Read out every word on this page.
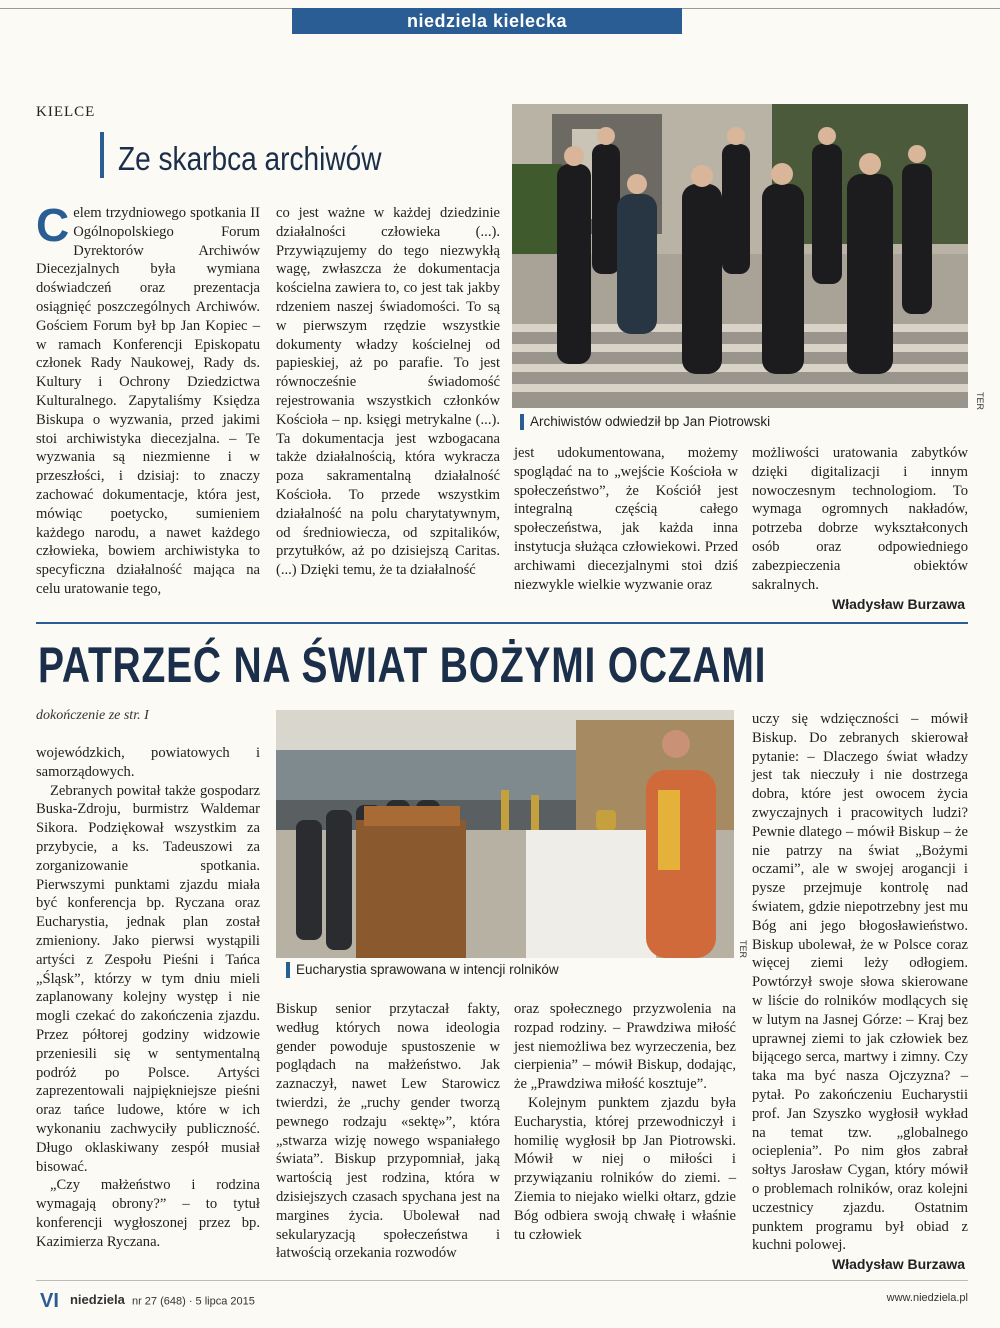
niedziela kielecka
KIELCE
Ze skarbca archiwów
C elem trzydniowego spotkania II Ogólnopolskiego Forum Dyrektorów Archiwów Diecezjalnych była wymiana doświadczeń oraz prezentacja osiągnięć poszczególnych Archiwów. Gościem Forum był bp Jan Kopiec – w ramach Konferencji Episkopatu członek Rady Naukowej, Rady ds. Kultury i Ochrony Dziedzictwa Kulturalnego. Zapytaliśmy Księdza Biskupa o wyzwania, przed jakimi stoi archiwistyka diecezjalna. – Te wyzwania są niezmienne i w przeszłości, i dzisiaj: to znaczy zachować dokumentacje, która jest, mówiąc poetycko, sumieniem każdego narodu, a nawet każdego człowieka, bowiem archiwistyka to specyficzna działalność mająca na celu uratowanie tego,

co jest ważne w każdej dziedzinie działalności człowieka (...). Przywiązujemy do tego niezwykłą wagę, zwłaszcza że dokumentacja kościelna zawiera to, co jest tak jakby rdzeniem naszej świadomości. To są w pierwszym rzędzie wszystkie dokumenty władzy kościelnej od papieskiej, aż po parafie. To jest równocześnie świadomość rejestrowania wszystkich członków Kościoła – np. księgi metrykalne (...). Ta dokumentacja jest wzbogacana także działalnością, która wykracza poza sakramentalną działalność Kościoła. To przede wszystkim działalność na polu charytatywnym, od średniowiecza, od szpitalików, przytułków, aż po dzisiejszą Caritas. (...) Dzięki temu, że ta działalność

Archiwistów odwiedził bp Jan Piotrowski
TER

jest udokumentowana, możemy spoglądać na to „wejście Kościoła w społeczeństwo”, że Kościół jest integralną częścią całego społeczeństwa, jak każda inna instytucja służąca człowiekowi. Przed archiwami diecezjalnymi stoi dziś niezwykle wielkie wyzwanie oraz

możliwości uratowania zabytków dzięki digitalizacji i innym nowoczesnym technologiom. To wymaga ogromnych nakładów, potrzeba dobrze wykształconych osób oraz odpowiedniego zabezpieczenia obiektów sakralnych.

Władysław Burzawa
PATRZEĆ NA ŚWIAT BOŻYMI OCZAMI
dokończenie ze str. I

wojewódzkich, powiatowych i samorządowych.

Zebranych powitał także gospodarz Buska-Zdroju, burmistrz Waldemar Sikora. Podziękował wszystkim za przybycie, a ks. Tadeuszowi za zorganizowanie spotkania. Pierwszymi punktami zjazdu miała być konferencja bp. Ryczana oraz Eucharystia, jednak plan został zmieniony. Jako pierwsi wystąpili artyści z Zespołu Pieśni i Tańca „Śląsk”, którzy w tym dniu mieli zaplanowany kolejny występ i nie mogli czekać do zakończenia zjazdu. Przez półtorej godziny widzowie przeniesili się w sentymentalną podróż po Polsce. Artyści zaprezentowali najpiękniejsze pieśni oraz tańce ludowe, które w ich wykonaniu zachwyciły publiczność. Długo oklaskiwany zespół musiał bisować.

„Czy małżeństwo i rodzina wymagają obrony?” – to tytuł konferencji wygłoszonej przez bp. Kazimierza Ryczana.

Eucharystia sprawowana w intencji rolników
TER

Biskup senior przytaczał fakty, według których nowa ideologia gender powoduje spustoszenie w poglądach na małżeństwo. Jak zaznaczył, nawet Lew Starowicz twierdzi, że „ruchy gender tworzą pewnego rodzaju «sektę»”, która „stwarza wizję nowego wspaniałego świata”. Biskup przypomniał, jaką wartością jest rodzina, która w dzisiejszych czasach spychana jest na margines życia. Ubolewał nad sekularyzacją społeczeństwa i łatwością orzekania rozwodów

oraz społecznego przyzwolenia na rozpad rodziny. – Prawdziwa miłość jest niemożliwa bez wyrzeczenia, bez cierpienia” – mówił Biskup, dodając, że „Prawdziwa miłość kosztuje”.

Kolejnym punktem zjazdu była Eucharystia, której przewodniczył i homilię wygłosił bp Jan Piotrowski. Mówił w niej o miłości i przywiązaniu rolników do ziemi. – Ziemia to niejako wielki ołtarz, gdzie Bóg odbiera swoją chwałę i właśnie tu człowiek

uczy się wdzięczności – mówił Biskup. Do zebranych skierował pytanie: – Dlaczego świat władzy jest tak nieczuły i nie dostrzega dobra, które jest owocem życia zwyczajnych i pracowitych ludzi? Pewnie dlatego – mówił Biskup – że nie patrzy na świat „Bożymi oczami”, ale w swojej arogancji i pysze przejmuje kontrolę nad światem, gdzie niepotrzebny jest mu Bóg ani jego błogosławieństwo. Biskup ubolewał, że w Polsce coraz więcej ziemi leży odłogiem. Powtórzył swoje słowa skierowane w liście do rolników modlących się w lutym na Jasnej Górze: – Kraj bez uprawnej ziemi to jak człowiek bez bijącego serca, martwy i zimny. Czy taka ma być nasza Ojczyzna? – pytał. Po zakończeniu Eucharystii prof. Jan Szyszko wygłosił wykład na temat tzw. „globalnego ocieplenia”. Po nim głos zabrał sołtys Jarosław Cygan, który mówił o problemach rolników, oraz kolejni uczestnicy zjazdu. Ostatnim punktem programu był obiad z kuchni polowej.

Władysław Burzawa
VI niedziela nr 27 (648) · 5 lipca 2015	www.niedziela.pl
